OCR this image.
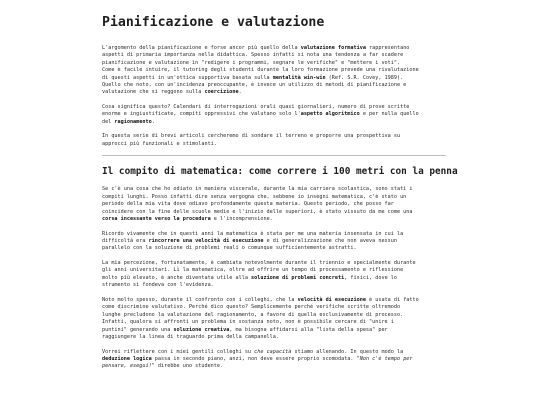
Pianificazione e valutazione

L'argomento della pianificazione e forse ancor più quello della valutazione formativa rappresentano
aspetti di primaria importanza nella didattica. Spesso infatti si nota una tendenza a far scadere
pianificazione e valutazione in "redigere i programmi, segnare le verifiche" e "mettere i voti".
Come è facile intuire, il tutoring degli studenti durante la loro formazione prevede una rivalutazione
di questi aspetti in un'ottica supportiva basata sulla mentalità win-win (Ref. S.R. Covey, 1989).
Quello che noto, con un'incidenza preoccupante, è invece un utilizzo di metodi di pianificazione e
valutazione che si reggono sulla coercizione.

Cosa significa questo? Calendari di interrogazioni orali quasi giornalieri, numero di prove scritte
enorme e ingiustificate, compiti oppressivi che valutano solo l'aspetto algoritmico e per nulla quello
del ragionamento.

In questa serie di brevi articoli cercheremo di sondare il terreno e proporre una prospettiva su
approcci più funzionali e stimolanti.

Il compito di matematica: come correre i 100 metri con la penna

Se c'è una cosa che ho odiato in maniera viscerale, durante la mia carriera scolastica, sono stati i
compiti lunghi. Posso infatti dire senza vergogna che, sebbene io insegni matematica, c'è stato un
periodo della mia vita dove odiavo profondamente questa materia. Questo periodo, che posso far
coincidere con la fine delle scuole medie e l'inizio delle superiori, è stato vissuto da me come una
corsa incessante verso la procedura e l'incomprensione.

Ricordo vivamente che in questi anni la matematica è stata per me una materia insensata in cui la
difficoltà era rincorrere una velocità di esecuzione e di generalizzazione che non aveva nessun
parallelo con la soluzione di problemi reali o comunque sufficientemente astratti.

La mia percezione, fortunatamente, è cambiata notevolmente durante il triennio e specialmente durante
gli anni universitari. Lì la matematica, oltre ad offrire un tempo di processamento e riflessione
molto più elevato, è anche diventata utile alla soluzione di problemi concreti, fisici, dove lo
strumento si fondeva con l'evidenza.

Noto molto spesso, durante il confronto con i colleghi, che la velocità di esecuzione è usata di fatto
come discrimine valutativo. Perché dico questo? Semplicemente perché verifiche scritte oltremodo
lunghe precludono la valutazione del ragionamento, a favore di quella esclusivamente di processo.
Infatti, qualora si affronti un problema in sostanza noto, non è possibile cercare di "unire i
puntini" generando una soluzione creativa, ma bisogna affidarsi alla "lista della spesa" per
raggiungere la linea di traguardo prima della campanella.

Vorrei riflettere con i miei gentili colleghi su che capacità stiamo allenando. In questo modo la
deduzione logica passa in secondo piano, anzi, non deve essere proprio scomodata. "Non c'è tempo per
pensare, esegui!" direbbe uno studente.
